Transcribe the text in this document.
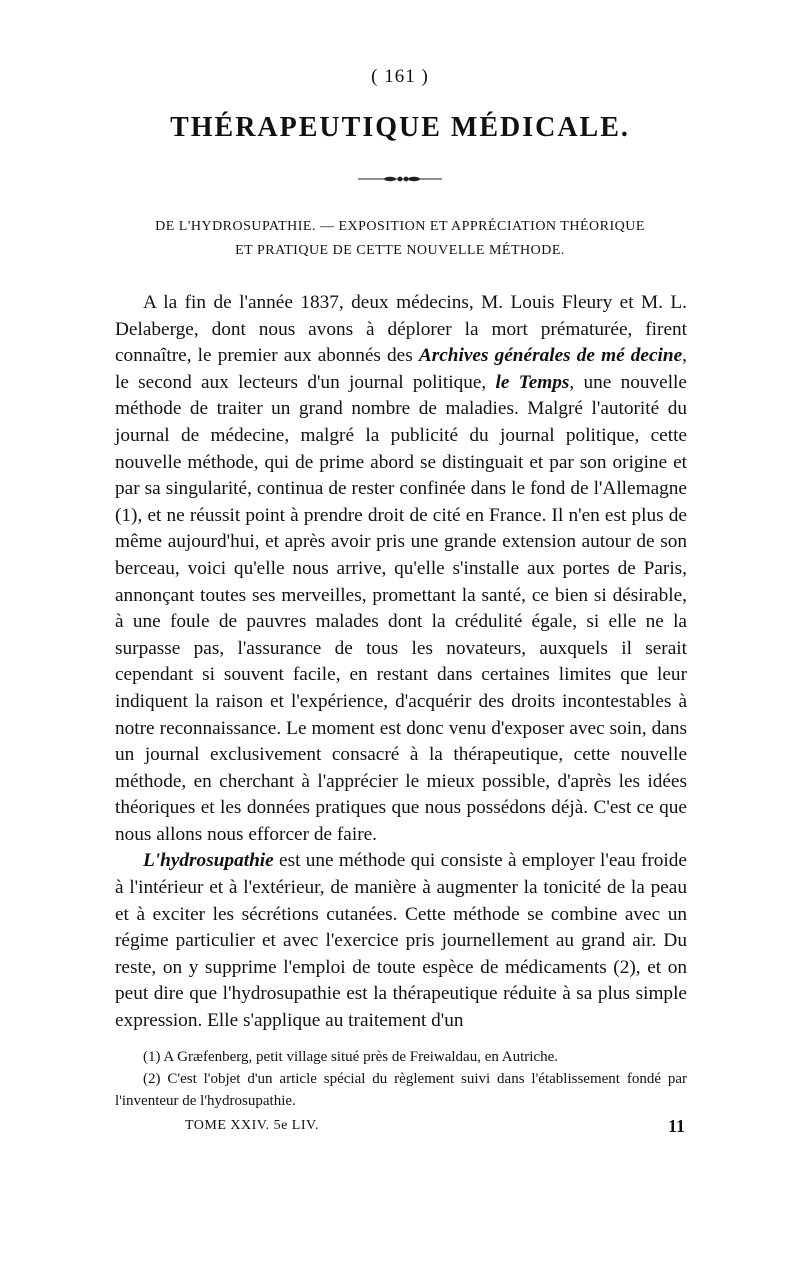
( 161 )
THÉRAPEUTIQUE MÉDICALE.
DE L'HYDROSUPATHIE. — EXPOSITION ET APPRÉCIATION THÉORIQUE
ET PRATIQUE DE CETTE NOUVELLE MÉTHODE.

A la fin de l'année 1837, deux médecins, M. Louis Fleury et M. L. Delaberge, dont nous avons à déplorer la mort prématurée, firent connaître, le premier aux abonnés des Archives générales de mé decine, le second aux lecteurs d'un journal politique, le Temps, une nouvelle méthode de traiter un grand nombre de maladies. Malgré l'autorité du journal de médecine, malgré la publicité du journal politique, cette nouvelle méthode, qui de prime abord se distinguait et par son origine et par sa singularité, continua de rester confinée dans le fond de l'Allemagne (1), et ne réussit point à prendre droit de cité en France. Il n'en est plus de même aujourd'hui, et après avoir pris une grande extension autour de son berceau, voici qu'elle nous arrive, qu'elle s'installe aux portes de Paris, annonçant toutes ses merveilles, promettant la santé, ce bien si désirable, à une foule de pauvres malades dont la crédulité égale, si elle ne la surpasse pas, l'assurance de tous les novateurs, auxquels il serait cependant si souvent facile, en restant dans certaines limites que leur indiquent la raison et l'expérience, d'acquérir des droits incontestables à notre reconnaissance. Le moment est donc venu d'exposer avec soin, dans un journal exclusivement consacré à la thérapeutique, cette nouvelle méthode, en cherchant à l'apprécier le mieux possible, d'après les idées théoriques et les données pratiques que nous possédons déjà. C'est ce que nous allons nous efforcer de faire.

L'hydrosupathie est une méthode qui consiste à employer l'eau froide à l'intérieur et à l'extérieur, de manière à augmenter la tonicité de la peau et à exciter les sécrétions cutanées. Cette méthode se combine avec un régime particulier et avec l'exercice pris journellement au grand air. Du reste, on y supprime l'emploi de toute espèce de médicaments (2), et on peut dire que l'hydrosupathie est la thérapeutique réduite à sa plus simple expression. Elle s'applique au traitement d'un

(1) A Græfenberg, petit village situé près de Freiwaldau, en Autriche.

(2) C'est l'objet d'un article spécial du règlement suivi dans l'établissement fondé par l'inventeur de l'hydrosupathie.

TOME XXIV. 5e LIV.	11
